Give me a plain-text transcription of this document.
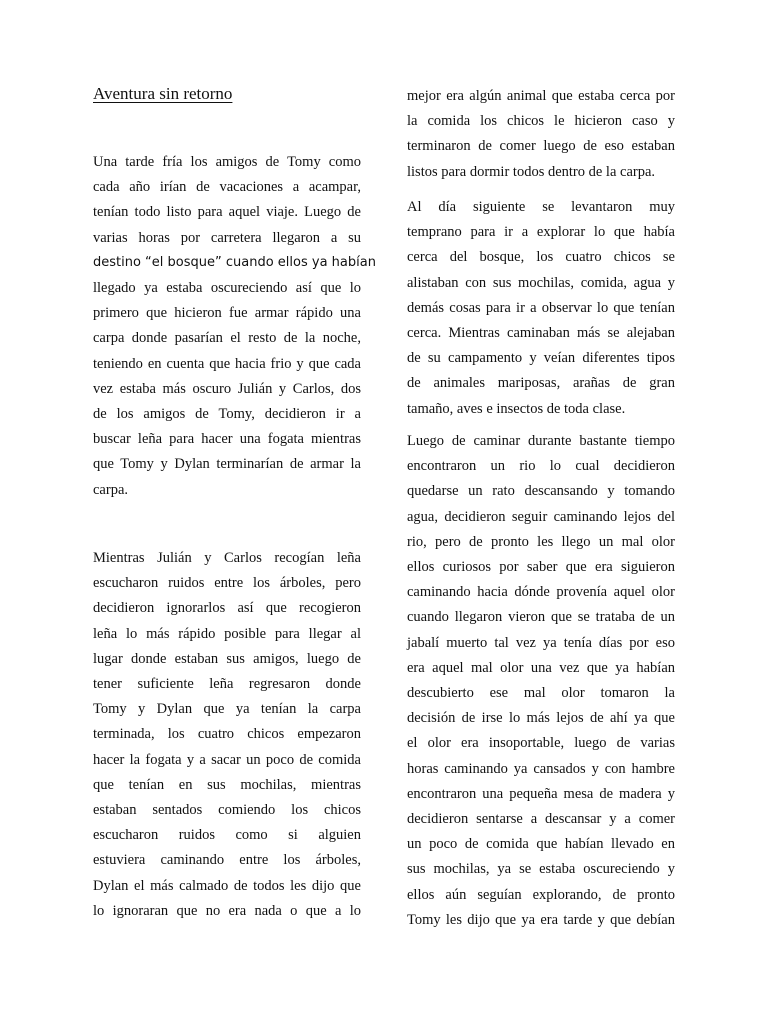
Aventura sin retorno
Una tarde fría los amigos de Tomy como
cada año irían de vacaciones a acampar,
tenían todo listo para aquel viaje. Luego de
varias horas por carretera llegaron a su
destino “el bosque” cuando ellos ya habían
llegado ya estaba oscureciendo así que lo
primero que hicieron fue armar rápido una
carpa donde pasarían el resto de la noche,
teniendo en cuenta que hacia frio y que cada
vez estaba más oscuro Julián y Carlos, dos
de los amigos de Tomy, decidieron ir a
buscar leña para hacer una fogata mientras
que Tomy y Dylan terminarían de armar la
carpa.
Mientras Julián y Carlos recogían leña
escucharon ruidos entre los árboles, pero
decidieron ignorarlos así que recogieron
leña lo más rápido posible para llegar al
lugar donde estaban sus amigos, luego de
tener suficiente leña regresaron donde
Tomy y Dylan que ya tenían la carpa
terminada, los cuatro chicos empezaron
hacer la fogata y a sacar un poco de comida
que tenían en sus mochilas, mientras
estaban sentados comiendo los chicos
escucharon ruidos como si alguien
estuviera caminando entre los árboles,
Dylan el más calmado de todos les dijo que
lo ignoraran que no era nada o que a lo
mejor era algún animal que estaba cerca por
la comida los chicos le hicieron caso y
terminaron de comer luego de eso estaban
listos para dormir todos dentro de la carpa.
Al día siguiente se levantaron muy
temprano para ir a explorar lo que había
cerca del bosque, los cuatro chicos se
alistaban con sus mochilas, comida, agua y
demás cosas para ir a observar lo que tenían
cerca. Mientras caminaban más se alejaban
de su campamento y veían diferentes tipos
de animales mariposas, arañas de gran
tamaño, aves e insectos de toda clase.
Luego de caminar durante bastante tiempo
encontraron un rio lo cual decidieron
quedarse un rato descansando y tomando
agua, decidieron seguir caminando lejos del
rio, pero de pronto les llego un mal olor
ellos curiosos por saber que era siguieron
caminando hacia dónde provenía aquel olor
cuando llegaron vieron que se trataba de un
jabalí muerto tal vez ya tenía días por eso
era aquel mal olor una vez que ya habían
descubierto ese mal olor tomaron la
decisión de irse lo más lejos de ahí ya que
el olor era insoportable, luego de varias
horas caminando ya cansados y con hambre
encontraron una pequeña mesa de madera y
decidieron sentarse a descansar y a comer
un poco de comida que habían llevado en
sus mochilas, ya se estaba oscureciendo y
ellos aún seguían explorando, de pronto
Tomy les dijo que ya era tarde y que debían
